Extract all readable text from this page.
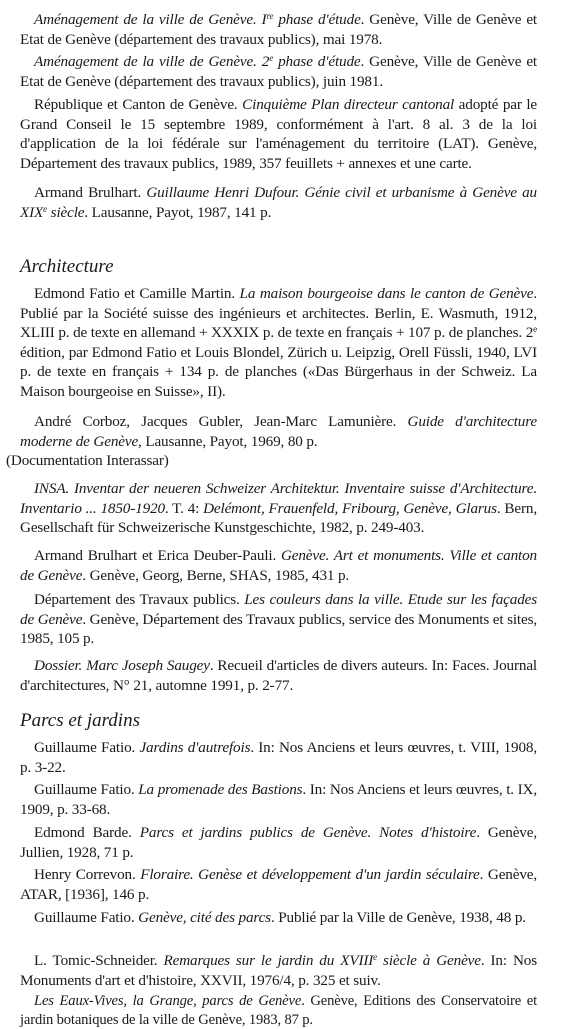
Aménagement de la ville de Genève. Ire phase d'étude. Genève, Ville de Genève et Etat de Genève (département des travaux publics), mai 1978.

Aménagement de la ville de Genève. 2e phase d'étude. Genève, Ville de Genève et Etat de Genève (département des travaux publics), juin 1981.

République et Canton de Genève. Cinquième Plan directeur cantonal adopté par le Grand Conseil le 15 septembre 1989, conformément à l'art. 8 al. 3 de la loi d'application de la loi fédérale sur l'aménagement du territoire (LAT). Genève, Département des travaux publics, 1989, 357 feuillets + annexes et une carte.

Armand Brulhart. Guillaume Henri Dufour. Génie civil et urbanisme à Genève au XIXe siècle. Lausanne, Payot, 1987, 141 p.

Architecture

Edmond Fatio et Camille Martin. La maison bourgeoise dans le canton de Genève. Publié par la Société suisse des ingénieurs et architectes. Berlin, E. Wasmuth, 1912, XLIII p. de texte en allemand + XXXIX p. de texte en français + 107 p. de planches. 2e édition, par Edmond Fatio et Louis Blondel, Zürich u. Leipzig, Orell Füssli, 1940, LVI p. de texte en français + 134 p. de planches («Das Bürgerhaus in der Schweiz. La Maison bourgeoise en Suisse», II).

André Corboz, Jacques Gubler, Jean-Marc Lamunière. Guide d'architecture moderne de Genève, Lausanne, Payot, 1969, 80 p.
(Documentation Interassar)

INSA. Inventar der neueren Schweizer Architektur. Inventaire suisse d'Architecture. Inventario ... 1850-1920. T. 4: Delémont, Frauenfeld, Fribourg, Genève, Glarus. Bern, Gesellschaft für Schweizerische Kunstgeschichte, 1982, p. 249-403.

Armand Brulhart et Erica Deuber-Pauli. Genève. Art et monuments. Ville et canton de Genève. Genève, Georg, Berne, SHAS, 1985, 431 p.

Département des Travaux publics. Les couleurs dans la ville. Etude sur les façades de Genève. Genève, Département des Travaux publics, service des Monuments et sites, 1985, 105 p.

Dossier. Marc Joseph Saugey. Recueil d'articles de divers auteurs. In: Faces. Journal d'architectures, N° 21, automne 1991, p. 2-77.

Parcs et jardins

Guillaume Fatio. Jardins d'autrefois. In: Nos Anciens et leurs œuvres, t. VIII, 1908, p. 3-22.

Guillaume Fatio. La promenade des Bastions. In: Nos Anciens et leurs œuvres, t. IX, 1909, p. 33-68.

Edmond Barde. Parcs et jardins publics de Genève. Notes d'histoire. Genève, Jullien, 1928, 71 p.

Henry Correvon. Floraire. Genèse et développement d'un jardin séculaire. Genève, ATAR, [1936], 146 p.

Guillaume Fatio. Genève, cité des parcs. Publié par la Ville de Genève, 1938, 48 p.

L. Tomic-Schneider. Remarques sur le jardin du XVIIIe siècle à Genève. In: Nos Monuments d'art et d'histoire, XXVII, 1976/4, p. 325 et suiv.

Les Eaux-Vives, la Grange, parcs de Genève. Genève, Editions des Conservatoire et jardin botaniques de la ville de Genève, 1983, 87 p.
